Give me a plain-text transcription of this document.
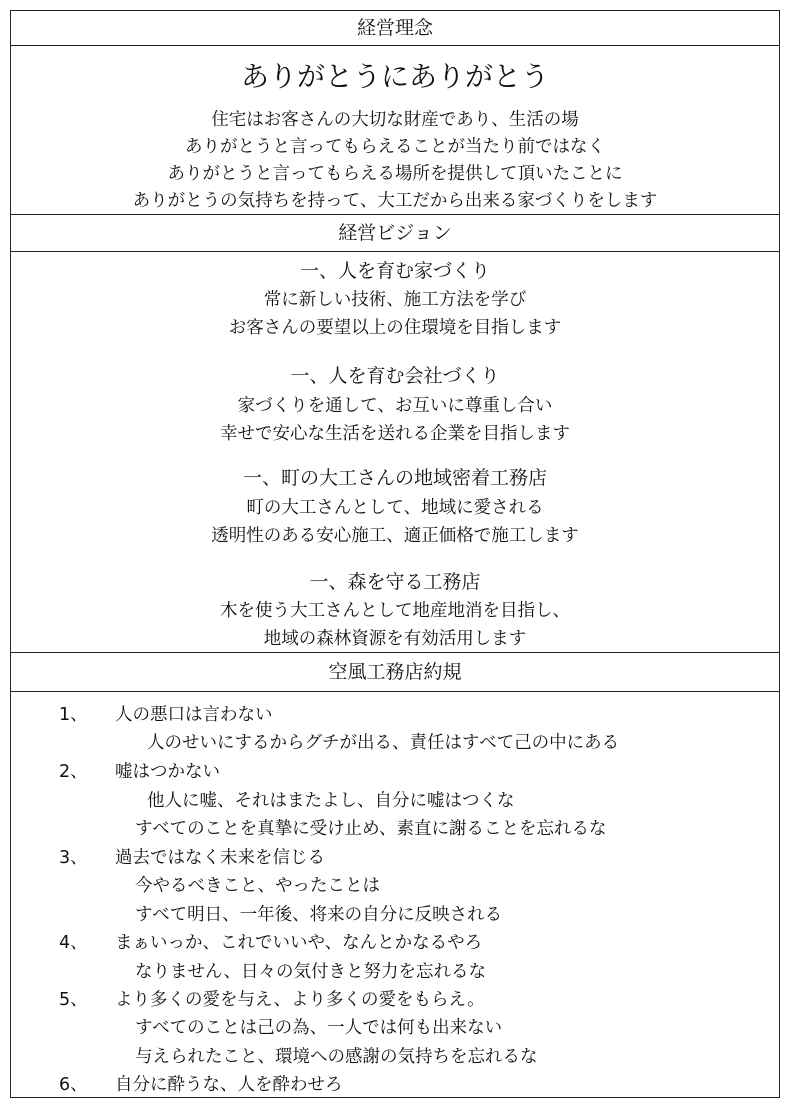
経営理念
ありがとうにありがとう
住宅はお客さんの大切な財産であり、生活の場
ありがとうと言ってもらえることが当たり前ではなく
ありがとうと言ってもらえる場所を提供して頂いたことに
ありがとうの気持ちを持って、大工だから出来る家づくりをします
経営ビジョン
一、人を育む家づくり
常に新しい技術、施工方法を学び
お客さんの要望以上の住環境を目指します
一、人を育む会社づくり
家づくりを通して、お互いに尊重し合い
幸せで安心な生活を送れる企業を目指します
一、町の大工さんの地域密着工務店
町の大工さんとして、地域に愛される
透明性のある安心施工、適正価格で施工します
一、森を守る工務店
木を使う大工さんとして地産地消を目指し、
地域の森林資源を有効活用します
空風工務店約規
1、 人の悪口は言わない
人のせいにするからグチが出る、責任はすべて己の中にある
2、 嘘はつかない
他人に嘘、それはまたよし、自分に嘘はつくな
すべてのことを真摯に受け止め、素直に謝ることを忘れるな
3、 過去ではなく未来を信じる
今やるべきこと、やったことは
すべて明日、一年後、将来の自分に反映される
4、 まぁいっか、これでいいや、なんとかなるやろ
なりません、日々の気付きと努力を忘れるな
5、 より多くの愛を与え、より多くの愛をもらえ。
すべてのことは己の為、一人では何も出来ない
与えられたこと、環境への感謝の気持ちを忘れるな
6、 自分に酔うな、人を酔わせろ
